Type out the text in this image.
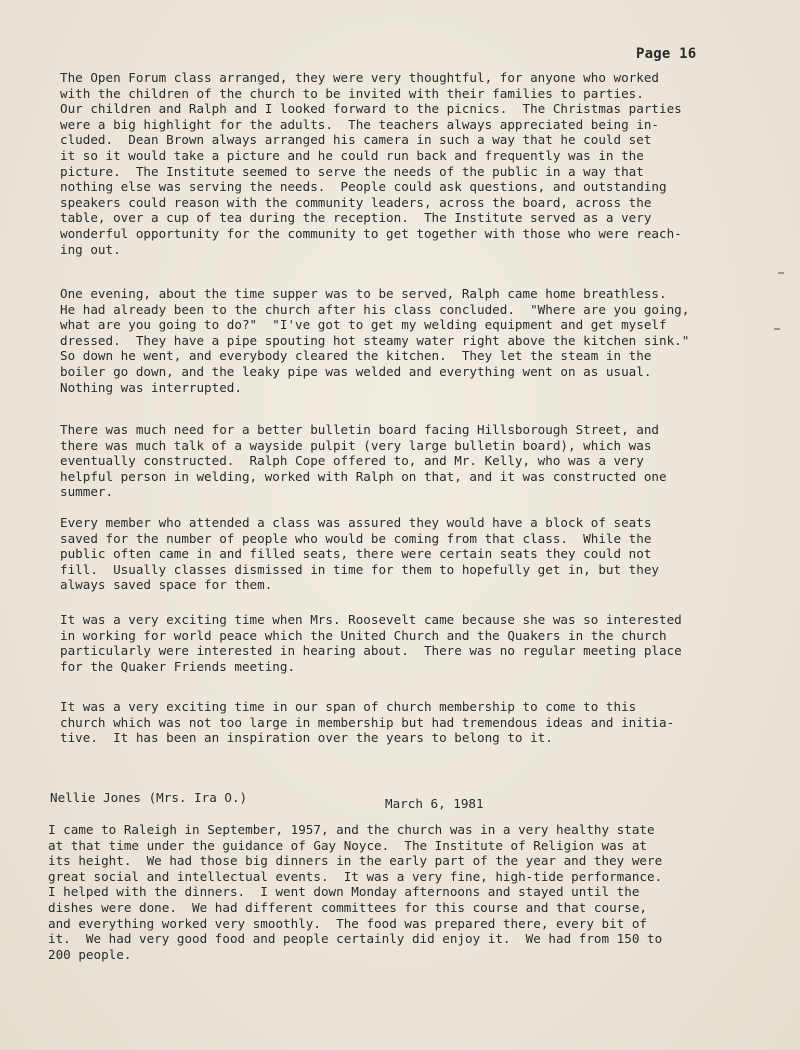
Page 16

The Open Forum class arranged, they were very thoughtful, for anyone who worked
with the children of the church to be invited with their families to parties.
Our children and Ralph and I looked forward to the picnics.  The Christmas parties
were a big highlight for the adults.  The teachers always appreciated being in-
cluded.  Dean Brown always arranged his camera in such a way that he could set
it so it would take a picture and he could run back and frequently was in the
picture.  The Institute seemed to serve the needs of the public in a way that
nothing else was serving the needs.  People could ask questions, and outstanding
speakers could reason with the community leaders, across the board, across the
table, over a cup of tea during the reception.  The Institute served as a very
wonderful opportunity for the community to get together with those who were reach-
ing out.

One evening, about the time supper was to be served, Ralph came home breathless.
He had already been to the church after his class concluded.  "Where are you going,
what are you going to do?"  "I've got to get my welding equipment and get myself
dressed.  They have a pipe spouting hot steamy water right above the kitchen sink."
So down he went, and everybody cleared the kitchen.  They let the steam in the
boiler go down, and the leaky pipe was welded and everything went on as usual.
Nothing was interrupted.

There was much need for a better bulletin board facing Hillsborough Street, and
there was much talk of a wayside pulpit (very large bulletin board), which was
eventually constructed.  Ralph Cope offered to, and Mr. Kelly, who was a very
helpful person in welding, worked with Ralph on that, and it was constructed one
summer.

Every member who attended a class was assured they would have a block of seats
saved for the number of people who would be coming from that class.  While the
public often came in and filled seats, there were certain seats they could not
fill.  Usually classes dismissed in time for them to hopefully get in, but they
always saved space for them.

It was a very exciting time when Mrs. Roosevelt came because she was so interested
in working for world peace which the United Church and the Quakers in the church
particularly were interested in hearing about.  There was no regular meeting place
for the Quaker Friends meeting.

It was a very exciting time in our span of church membership to come to this
church which was not too large in membership but had tremendous ideas and initia-
tive.  It has been an inspiration over the years to belong to it.

Nellie Jones (Mrs. Ira O.)	March 6, 1981

I came to Raleigh in September, 1957, and the church was in a very healthy state
at that time under the guidance of Gay Noyce.  The Institute of Religion was at
its height.  We had those big dinners in the early part of the year and they were
great social and intellectual events.  It was a very fine, high-tide performance.
I helped with the dinners.  I went down Monday afternoons and stayed until the
dishes were done.  We had different committees for this course and that course,
and everything worked very smoothly.  The food was prepared there, every bit of
it.  We had very good food and people certainly did enjoy it.  We had from 150 to
200 people.
